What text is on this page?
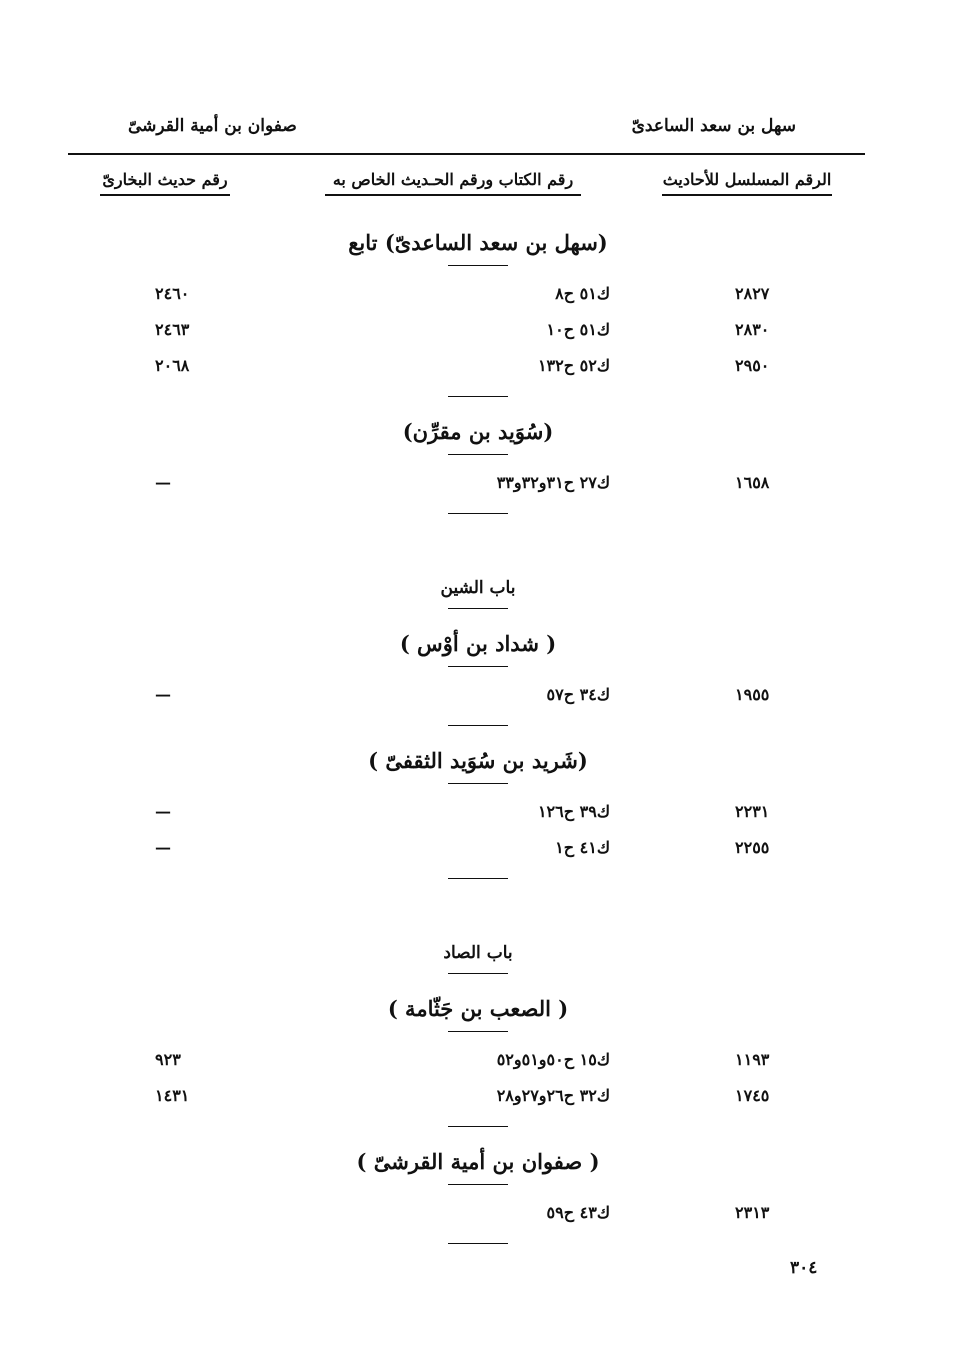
سهل بن سعد الساعدىّ
صفوان بن أمية القرشىّ
الرقم المسلسل للأحاديث
رقم الكتاب ورقم الحـديث الخاص به
رقم حديث البخارىّ
(سهل بن سعد الساعدىّ) تابع
٢٨٢٧
ك٥١ ح٨
٢٤٦٠
٢٨٣٠
ك٥١ ح١٠
٢٤٦٣
٢٩٥٠
ك٥٢ ح١٣٢
٢٠٦٨
(سُوَيد بن مقرِّن)
١٦٥٨
ك٢٧ ح٣١و٣٢و٣٣
—
باب الشين
( شداد بن أوْس )
١٩٥٥
ك٣٤ ح٥٧
—
(شَريد بن سُوَيد الثقفىّ )
٢٢٣١
ك٣٩ ح١٢٦
—
٢٢٥٥
ك٤١ ح١
—
باب الصاد
( الصعب بن جَثّامة )
١١٩٣
ك١٥ ح٥٠و٥١و٥٢
٩٢٣
١٧٤٥
ك٣٢ ح٢٦و٢٧و٢٨
١٤٣١
( صفوان بن أمية القرشىّ )
٢٣١٣
ك٤٣ ح٥٩
٣٠٤
